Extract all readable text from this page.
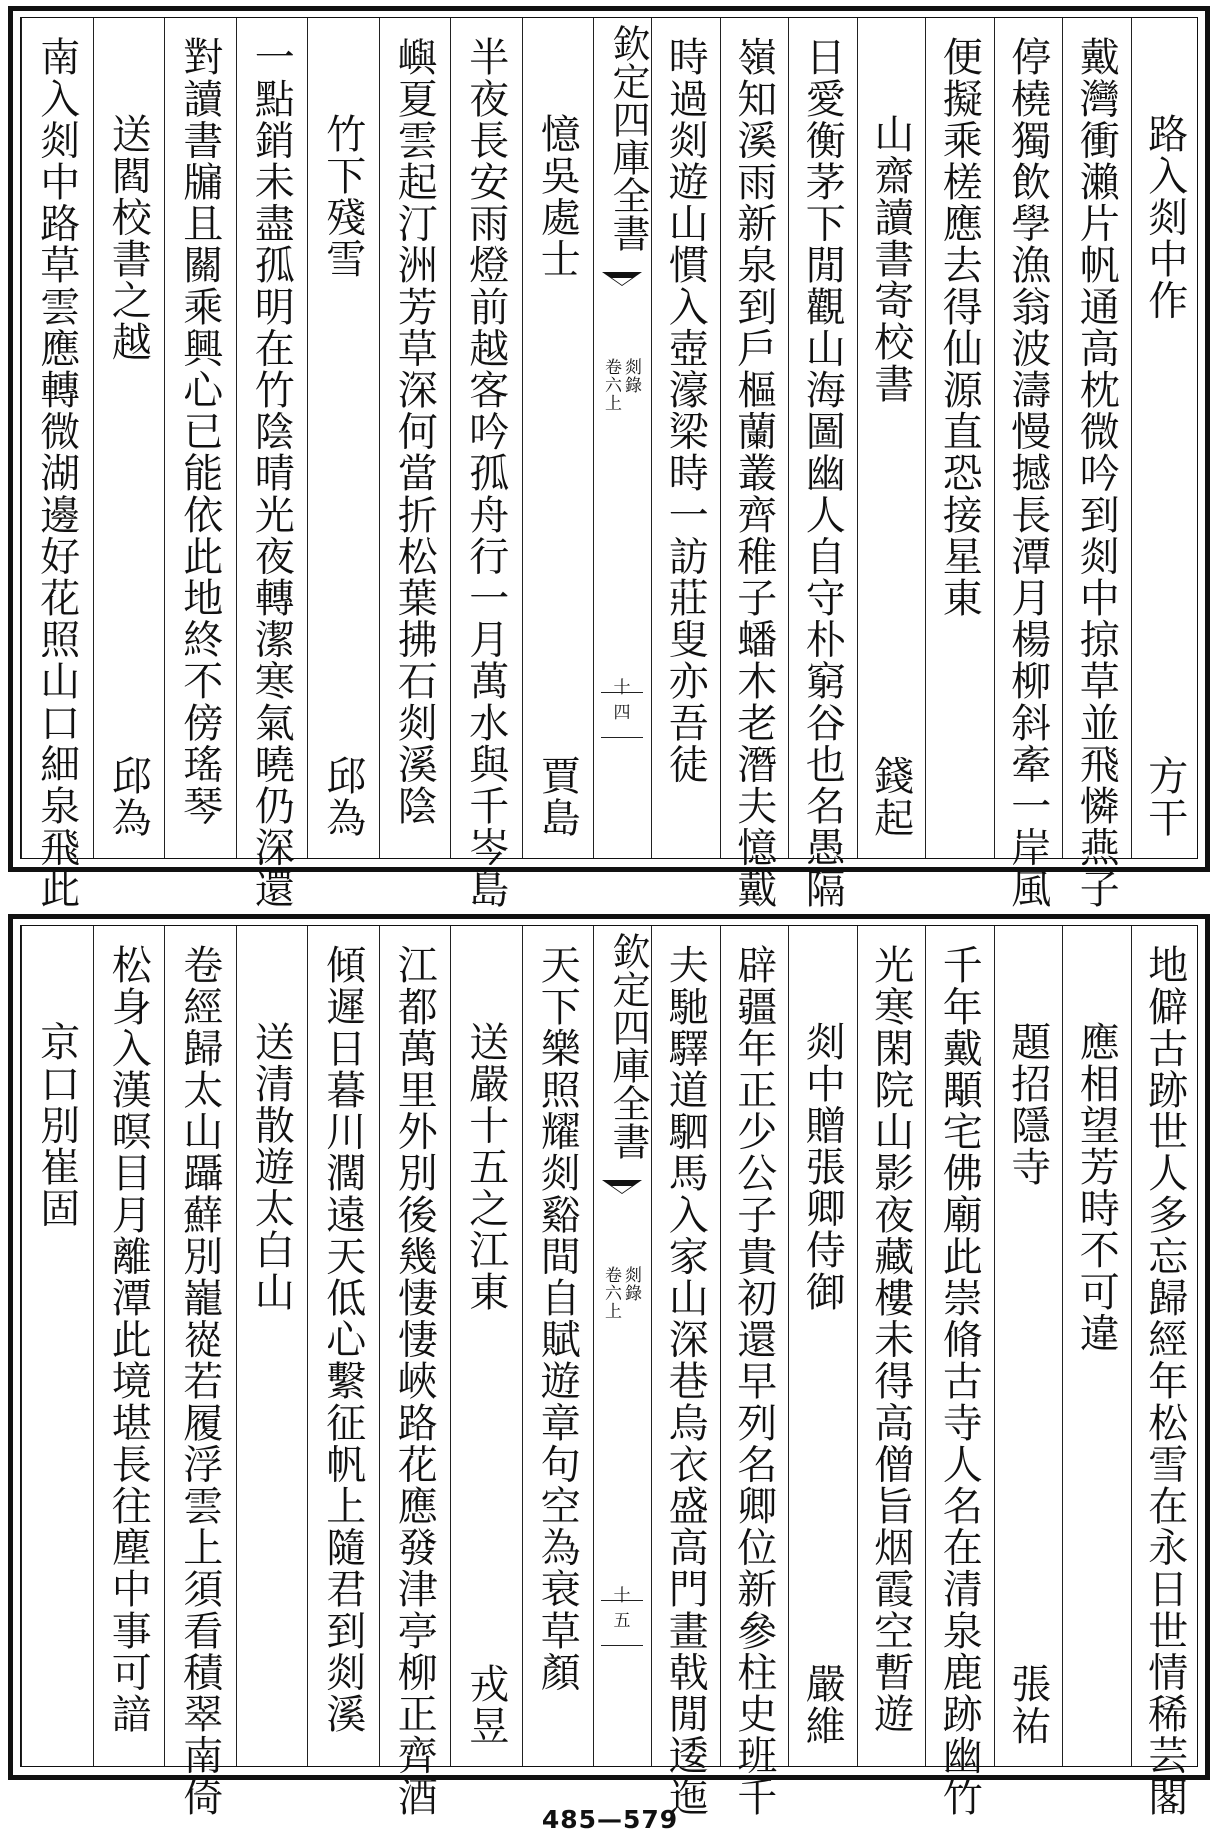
欽定四庫全書
剡錄
卷六上
十四
路入剡中作
方干
戴灣衝瀨片帆通高枕微吟到剡中掠草並飛憐燕子
停橈獨飲學漁翁波濤慢撼長潭月楊柳斜牽一岸風
便擬乘槎應去得仙源直恐接星東
山齋讀書寄校書
錢起
日愛衡茅下閒觀山海圖幽人自守朴窮谷也名愚隔
嶺知溪雨新泉到戶樞蘭叢齊稚子蟠木老潛夫憶戴
時過剡遊山慣入壺濠梁時一訪莊叟亦吾徒
憶吳處士
賈島
半夜長安雨燈前越客吟孤舟行一月萬水與千岑島
嶼夏雲起汀洲芳草深何當折松葉拂石剡溪陰
竹下殘雪
邱為
一點銷未盡孤明在竹陰晴光夜轉潔寒氣曉仍深還
對讀書牖且關乘興心已能依此地終不傍瑤琴
送閻校書之越
邱為
南入剡中路草雲應轉微湖邊好花照山口細泉飛此
欽定四庫全書
剡錄
卷六上
十五	地僻古跡世人多忘歸經年松雪在永日世情稀芸閣
應相望芳時不可違
題招隱寺
張祐
千年戴顒宅佛廟此崇脩古寺人名在清泉鹿跡幽竹
光寒閑院山影夜藏樓未得高僧旨烟霞空暫遊
剡中贈張卿侍御
嚴維
辟疆年正少公子貴初還早列名卿位新參柱史班千
夫馳驛道駟馬入家山深巷烏衣盛高門畫戟閒逶迤
天下樂照耀剡谿間自賦遊章句空為衰草顏
送嚴十五之江東
戎昱
江都萬里外別後幾悽悽峽路花應發津亭柳正齊酒
傾遲日暮川濶遠天低心繫征帆上隨君到剡溪
送清散遊太白山
卷經歸太山躡蘚別巃嵸若履浮雲上須看積翠南倚
松身入漢暝目月離潭此境堪長往塵中事可諳
京口別崔固
485—579
